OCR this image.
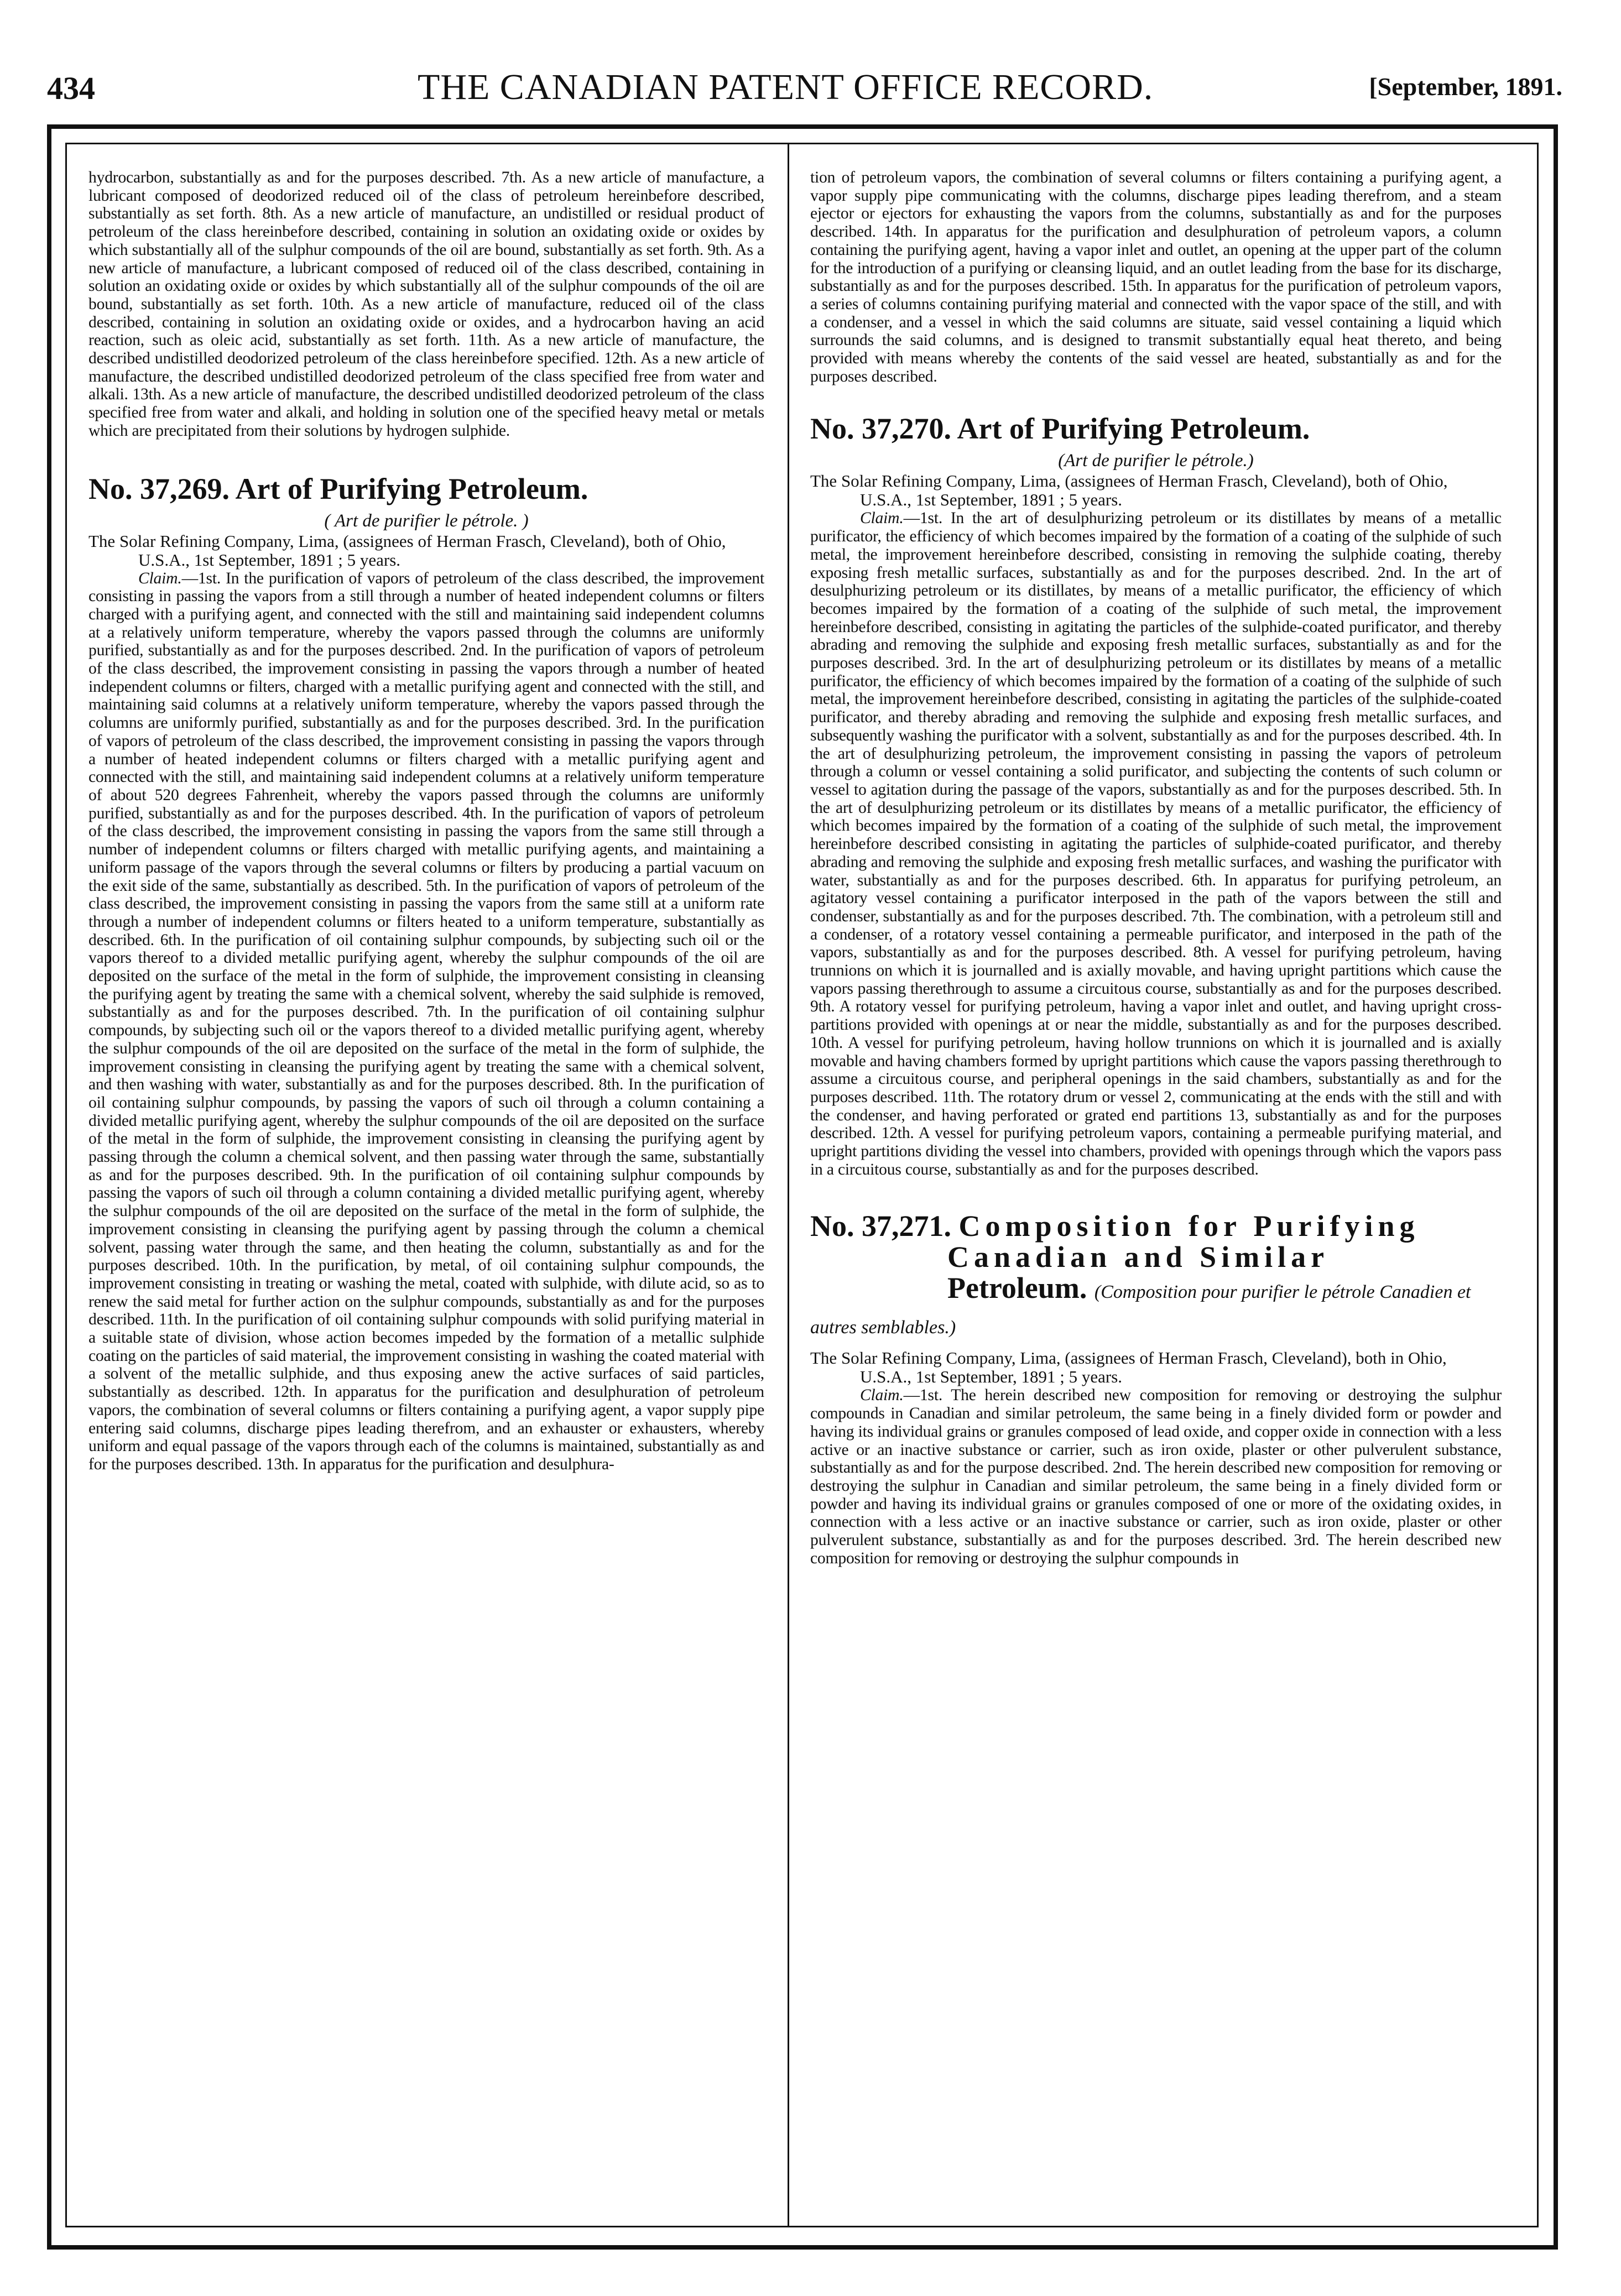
434	THE CANADIAN PATENT OFFICE RECORD.	[September, 1891.

hydrocarbon, substantially as and for the purposes described. 7th. As a new article of manufacture, a lubricant composed of deodorized reduced oil of the class of petroleum hereinbefore described, substantially as set forth. 8th. As a new article of manufacture, an undistilled or residual product of petroleum of the class hereinbefore described, containing in solution an oxidating oxide or oxides by which substantially all of the sulphur compounds of the oil are bound, substantially as set forth. 9th. As a new article of manufacture, a lubricant composed of reduced oil of the class described, containing in solution an oxidating oxide or oxides by which substantially all of the sulphur compounds of the oil are bound, substantially as set forth. 10th. As a new article of manufacture, reduced oil of the class described, containing in solution an oxidating oxide or oxides, and a hydrocarbon having an acid reaction, such as oleic acid, substantially as set forth. 11th. As a new article of manufacture, the described undistilled deodorized petroleum of the class hereinbefore specified. 12th. As a new article of manufacture, the described undistilled deodorized petroleum of the class specified free from water and alkali. 13th. As a new article of manufacture, the described undistilled deodorized petroleum of the class specified free from water and alkali, and holding in solution one of the specified heavy metal or metals which are precipitated from their solutions by hydrogen sulphide.

No. 37,269. Art of Purifying Petroleum.

( Art de purifier le pétrole. )

The Solar Refining Company, Lima, (assignees of Herman Frasch, Cleveland), both of Ohio, U.S.A., 1st September, 1891 ; 5 years.

Claim.—1st. In the purification of vapors of petroleum of the class described, the improvement consisting in passing the vapors from a still through a number of heated independent columns or filters charged with a purifying agent, and connected with the still and maintaining said independent columns at a relatively uniform temperature, whereby the vapors passed through the columns are uniformly purified, substantially as and for the purposes described. 2nd. In the purification of vapors of petroleum of the class described, the improvement consisting in passing the vapors through a number of heated independent columns or filters, charged with a metallic purifying agent and connected with the still, and maintaining said columns at a relatively uniform temperature, whereby the vapors passed through the columns are uniformly purified, substantially as and for the purposes described. 3rd. In the purification of vapors of petroleum of the class described, the improvement consisting in passing the vapors through a number of heated independent columns or filters charged with a metallic purifying agent and connected with the still, and maintaining said independent columns at a relatively uniform temperature of about 520 degrees Fahrenheit, whereby the vapors passed through the columns are uniformly purified, substantially as and for the purposes described. 4th. In the purification of vapors of petroleum of the class described, the improvement consisting in passing the vapors from the same still through a number of independent columns or filters charged with metallic purifying agents, and maintaining a uniform passage of the vapors through the several columns or filters by producing a partial vacuum on the exit side of the same, substantially as described. 5th. In the purification of vapors of petroleum of the class described, the improvement consisting in passing the vapors from the same still at a uniform rate through a number of independent columns or filters heated to a uniform temperature, substantially as described. 6th. In the purification of oil containing sulphur compounds, by subjecting such oil or the vapors thereof to a divided metallic purifying agent, whereby the sulphur compounds of the oil are deposited on the surface of the metal in the form of sulphide, the improvement consisting in cleansing the purifying agent by treating the same with a chemical solvent, whereby the said sulphide is removed, substantially as and for the purposes described. 7th. In the purification of oil containing sulphur compounds, by subjecting such oil or the vapors thereof to a divided metallic purifying agent, whereby the sulphur compounds of the oil are deposited on the surface of the metal in the form of sulphide, the improvement consisting in cleansing the purifying agent by treating the same with a chemical solvent, and then washing with water, substantially as and for the purposes described. 8th. In the purification of oil containing sulphur compounds, by passing the vapors of such oil through a column containing a divided metallic purifying agent, whereby the sulphur compounds of the oil are deposited on the surface of the metal in the form of sulphide, the improvement consisting in cleansing the purifying agent by passing through the column a chemical solvent, and then passing water through the same, substantially as and for the purposes described. 9th. In the purification of oil containing sulphur compounds by passing the vapors of such oil through a column containing a divided metallic purifying agent, whereby the sulphur compounds of the oil are deposited on the surface of the metal in the form of sulphide, the improvement consisting in cleansing the purifying agent by passing through the column a chemical solvent, passing water through the same, and then heating the column, substantially as and for the purposes described. 10th. In the purification, by metal, of oil containing sulphur compounds, the improvement consisting in treating or washing the metal, coated with sulphide, with dilute acid, so as to renew the said metal for further action on the sulphur compounds, substantially as and for the purposes described. 11th. In the purification of oil containing sulphur compounds with solid purifying material in a suitable state of division, whose action becomes impeded by the formation of a metallic sulphide coating on the particles of said material, the improvement consisting in washing the coated material with a solvent of the metallic sulphide, and thus exposing anew the active surfaces of said particles, substantially as described. 12th. In apparatus for the purification and desulphuration of petroleum vapors, the combination of several columns or filters containing a purifying agent, a vapor supply pipe entering said columns, discharge pipes leading therefrom, and an exhauster or exhausters, whereby uniform and equal passage of the vapors through each of the columns is maintained, substantially as and for the purposes described. 13th. In apparatus for the purification and desulphura-

tion of petroleum vapors, the combination of several columns or filters containing a purifying agent, a vapor supply pipe communicating with the columns, discharge pipes leading therefrom, and a steam ejector or ejectors for exhausting the vapors from the columns, substantially as and for the purposes described. 14th. In apparatus for the purification and desulphuration of petroleum vapors, a column containing the purifying agent, having a vapor inlet and outlet, an opening at the upper part of the column for the introduction of a purifying or cleansing liquid, and an outlet leading from the base for its discharge, substantially as and for the purposes described. 15th. In apparatus for the purification of petroleum vapors, a series of columns containing purifying material and connected with the vapor space of the still, and with a condenser, and a vessel in which the said columns are situate, said vessel containing a liquid which surrounds the said columns, and is designed to transmit substantially equal heat thereto, and being provided with means whereby the contents of the said vessel are heated, substantially as and for the purposes described.

No. 37,270. Art of Purifying Petroleum.

(Art de purifier le pétrole.)

The Solar Refining Company, Lima, (assignees of Herman Frasch, Cleveland), both of Ohio, U.S.A., 1st September, 1891 ; 5 years.

Claim.—1st. In the art of desulphurizing petroleum or its distillates by means of a metallic purificator, the efficiency of which becomes impaired by the formation of a coating of the sulphide of such metal, the improvement hereinbefore described, consisting in removing the sulphide coating, thereby exposing fresh metallic surfaces, substantially as and for the purposes described. 2nd. In the art of desulphurizing petroleum or its distillates, by means of a metallic purificator, the efficiency of which becomes impaired by the formation of a coating of the sulphide of such metal, the improvement hereinbefore described, consisting in agitating the particles of the sulphide-coated purificator, and thereby abrading and removing the sulphide and exposing fresh metallic surfaces, substantially as and for the purposes described. 3rd. In the art of desulphurizing petroleum or its distillates by means of a metallic purificator, the efficiency of which becomes impaired by the formation of a coating of the sulphide of such metal, the improvement hereinbefore described, consisting in agitating the particles of the sulphide-coated purificator, and thereby abrading and removing the sulphide and exposing fresh metallic surfaces, and subsequently washing the purificator with a solvent, substantially as and for the purposes described. 4th. In the art of desulphurizing petroleum, the improvement consisting in passing the vapors of petroleum through a column or vessel containing a solid purificator, and subjecting the contents of such column or vessel to agitation during the passage of the vapors, substantially as and for the purposes described. 5th. In the art of desulphurizing petroleum or its distillates by means of a metallic purificator, the efficiency of which becomes impaired by the formation of a coating of the sulphide of such metal, the improvement hereinbefore described consisting in agitating the particles of sulphide-coated purificator, and thereby abrading and removing the sulphide and exposing fresh metallic surfaces, and washing the purificator with water, substantially as and for the purposes described. 6th. In apparatus for purifying petroleum, an agitatory vessel containing a purificator interposed in the path of the vapors between the still and condenser, substantially as and for the purposes described. 7th. The combination, with a petroleum still and a condenser, of a rotatory vessel containing a permeable purificator, and interposed in the path of the vapors, substantially as and for the purposes described. 8th. A vessel for purifying petroleum, having trunnions on which it is journalled and is axially movable, and having upright partitions which cause the vapors passing therethrough to assume a circuitous course, substantially as and for the purposes described. 9th. A rotatory vessel for purifying petroleum, having a vapor inlet and outlet, and having upright cross-partitions provided with openings at or near the middle, substantially as and for the purposes described. 10th. A vessel for purifying petroleum, having hollow trunnions on which it is journalled and is axially movable and having chambers formed by upright partitions which cause the vapors passing therethrough to assume a circuitous course, and peripheral openings in the said chambers, substantially as and for the purposes described. 11th. The rotatory drum or vessel 2, communicating at the ends with the still and with the condenser, and having perforated or grated end partitions 13, substantially as and for the purposes described. 12th. A vessel for purifying petroleum vapors, containing a permeable purifying material, and upright partitions dividing the vessel into chambers, provided with openings through which the vapors pass in a circuitous course, substantially as and for the purposes described.

No. 37,271. Composition for Purifying
Canadian and Similar
Petroleum. (Composition pour purifier le pétrole Canadien et autres semblables.)

The Solar Refining Company, Lima, (assignees of Herman Frasch, Cleveland), both in Ohio, U.S.A., 1st September, 1891 ; 5 years.

Claim.—1st. The herein described new composition for removing or destroying the sulphur compounds in Canadian and similar petroleum, the same being in a finely divided form or powder and having its individual grains or granules composed of lead oxide, and copper oxide in connection with a less active or an inactive substance or carrier, such as iron oxide, plaster or other pulverulent substance, substantially as and for the purpose described. 2nd. The herein described new composition for removing or destroying the sulphur in Canadian and similar petroleum, the same being in a finely divided form or powder and having its individual grains or granules composed of one or more of the oxidating oxides, in connection with a less active or an inactive substance or carrier, such as iron oxide, plaster or other pulverulent substance, substantially as and for the purposes described. 3rd. The herein described new composition for removing or destroying the sulphur compounds in
